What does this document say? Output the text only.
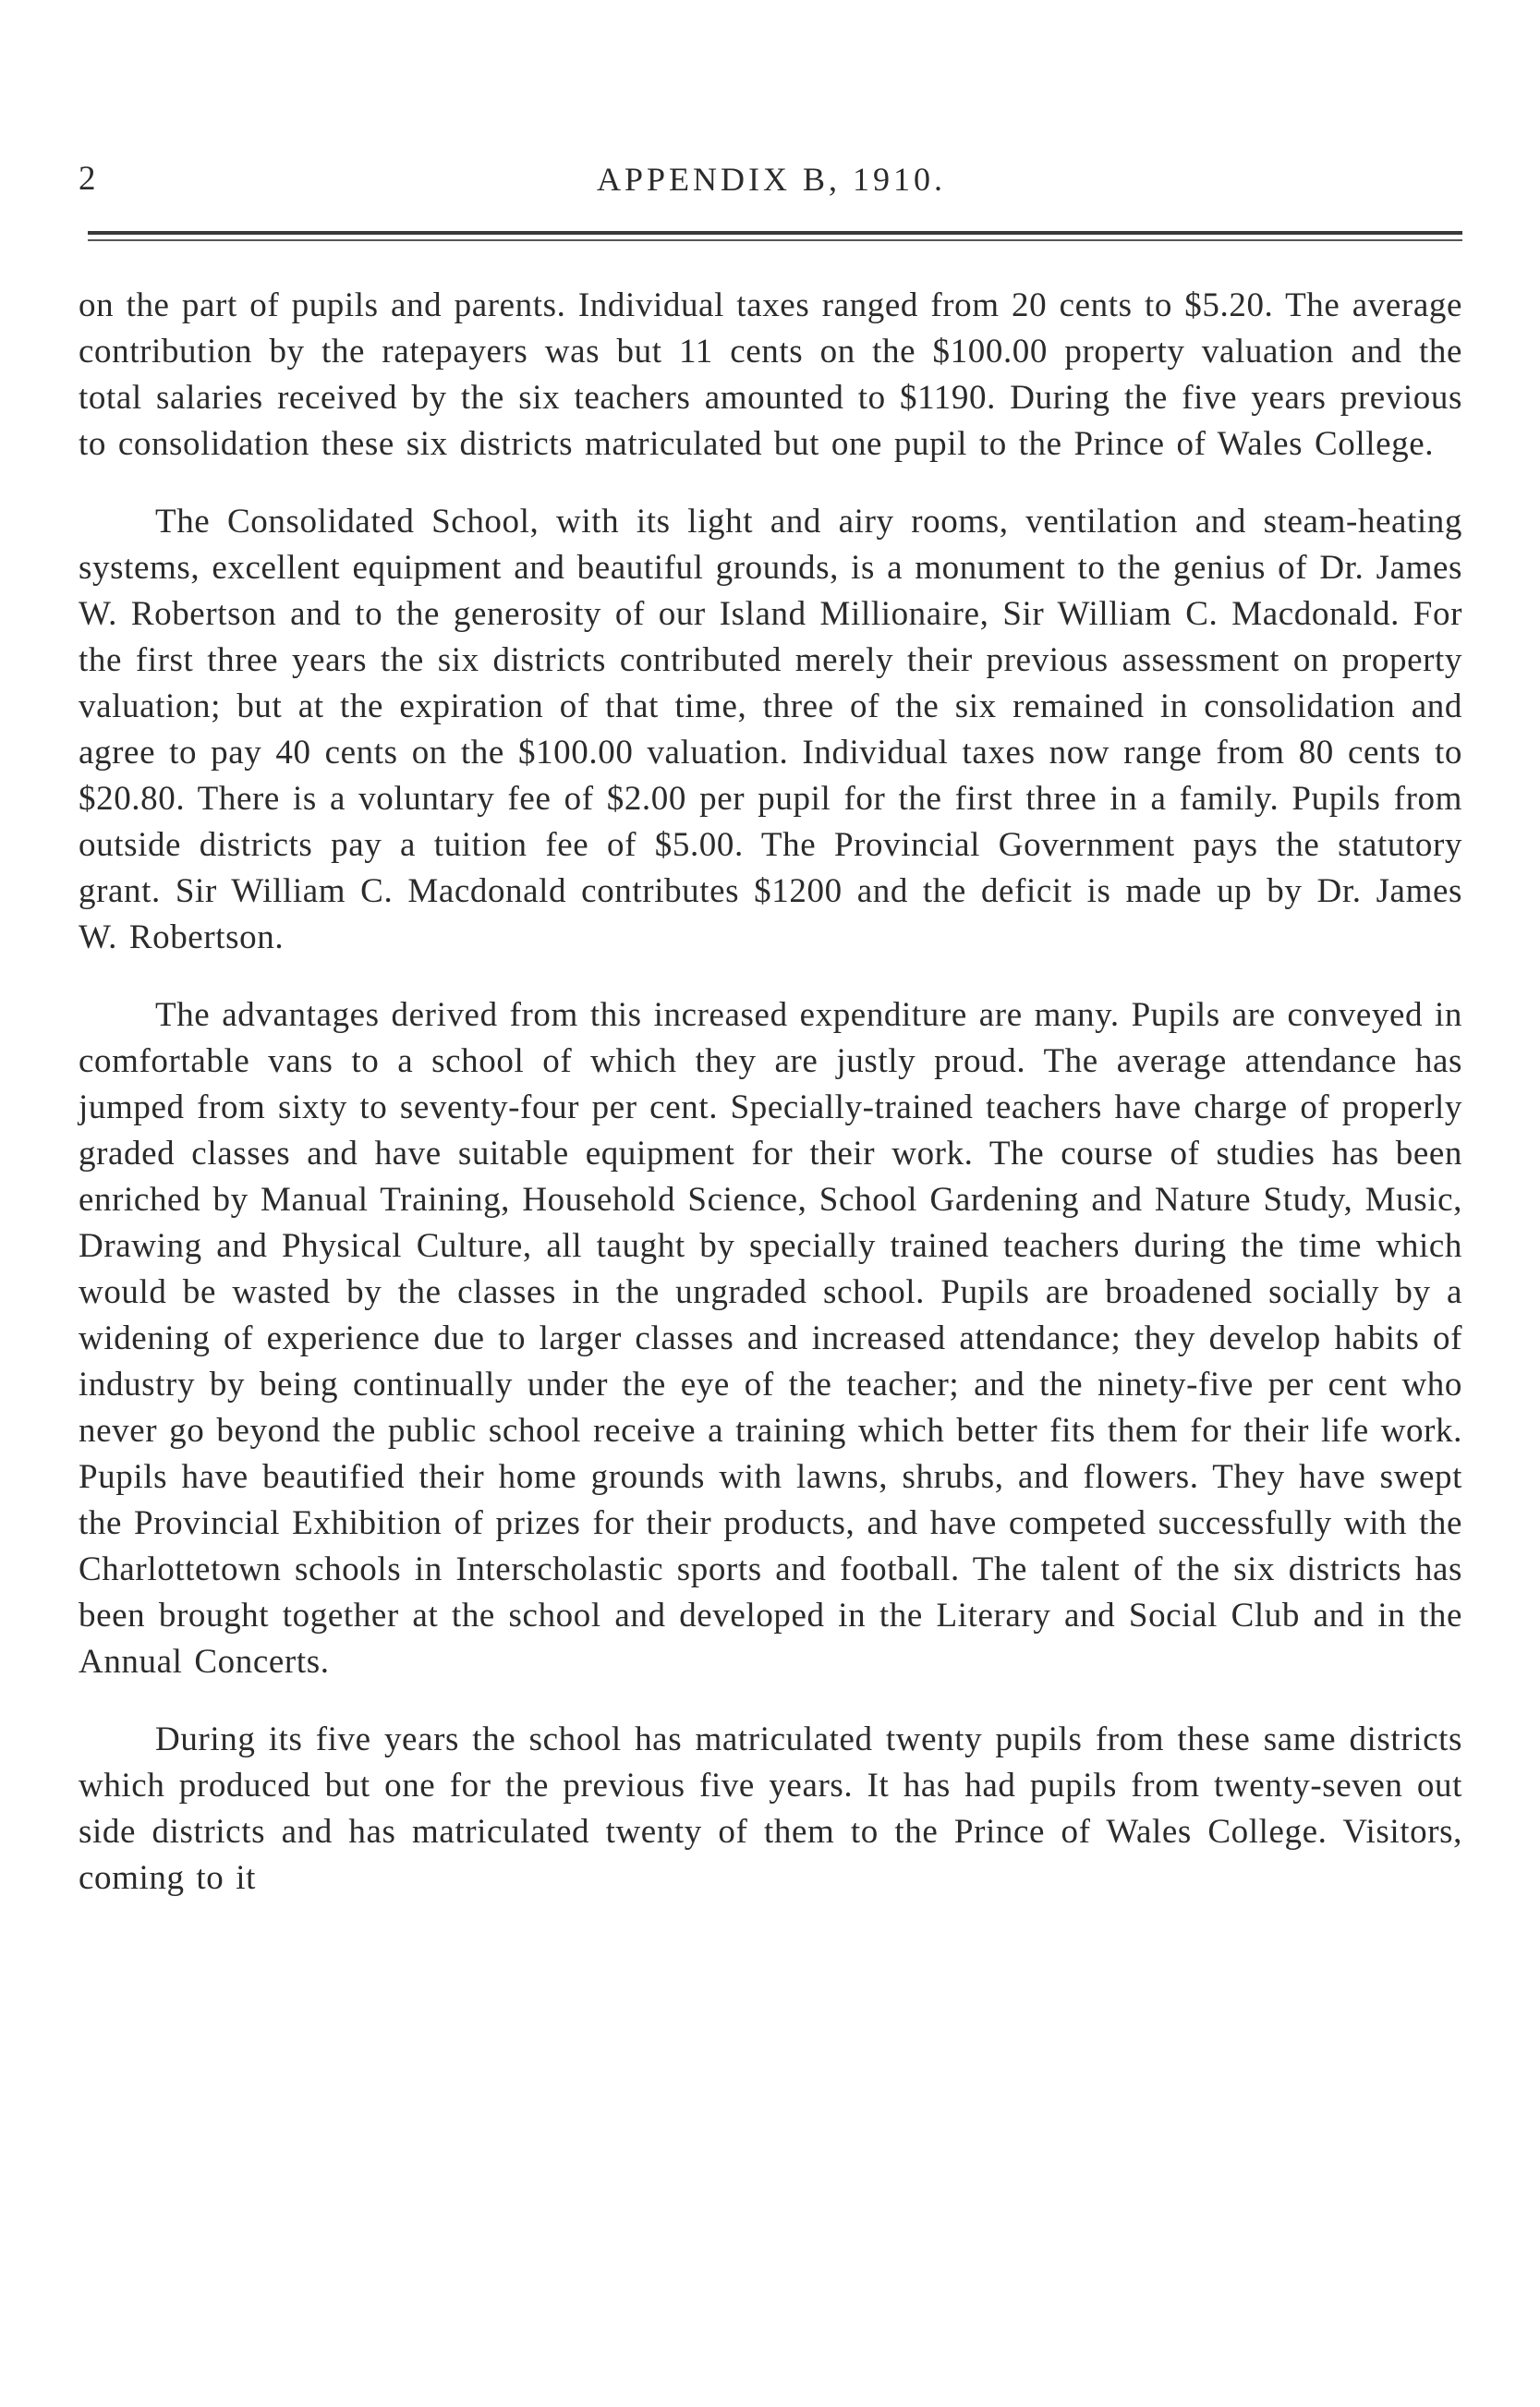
2	APPENDIX B, 1910.

on the part of pupils and parents. Individual taxes ranged from 20 cents to $5.20. The average contribution by the ratepayers was but 11 cents on the $100.00 property valuation and the total salaries received by the six teachers amounted to $1190. During the five years previous to consolidation these six districts matriculated but one pupil to the Prince of Wales College.

The Consolidated School, with its light and airy rooms, ventilation and steam-heating systems, excellent equipment and beautiful grounds, is a monument to the genius of Dr. James W. Robertson and to the generosity of our Island Millionaire, Sir William C. Macdonald. For the first three years the six districts contributed merely their previous assessment on property valuation; but at the expiration of that time, three of the six remained in consolidation and agree to pay 40 cents on the $100.00 valuation. Individual taxes now range from 80 cents to $20.80. There is a voluntary fee of $2.00 per pupil for the first three in a family. Pupils from outside districts pay a tuition fee of $5.00. The Provincial Government pays the statutory grant. Sir William C. Macdonald contributes $1200 and the deficit is made up by Dr. James W. Robertson.

The advantages derived from this increased expenditure are many. Pupils are conveyed in comfortable vans to a school of which they are justly proud. The average attendance has jumped from sixty to seventy-four per cent. Specially-trained teachers have charge of properly graded classes and have suitable equipment for their work. The course of studies has been enriched by Manual Training, Household Science, School Gardening and Nature Study, Music, Drawing and Physical Culture, all taught by specially trained teachers during the time which would be wasted by the classes in the ungraded school. Pupils are broadened socially by a widening of experience due to larger classes and increased attendance; they develop habits of industry by being continually under the eye of the teacher; and the ninety-five per cent who never go beyond the public school receive a training which better fits them for their life work. Pupils have beautified their home grounds with lawns, shrubs, and flowers. They have swept the Provincial Exhibition of prizes for their products, and have competed successfully with the Charlottetown schools in Interscholastic sports and football. The talent of the six districts has been brought together at the school and developed in the Literary and Social Club and in the Annual Concerts.

During its five years the school has matriculated twenty pupils from these same districts which produced but one for the previous five years. It has had pupils from twenty-seven out side districts and has matriculated twenty of them to the Prince of Wales College. Visitors, coming to it
